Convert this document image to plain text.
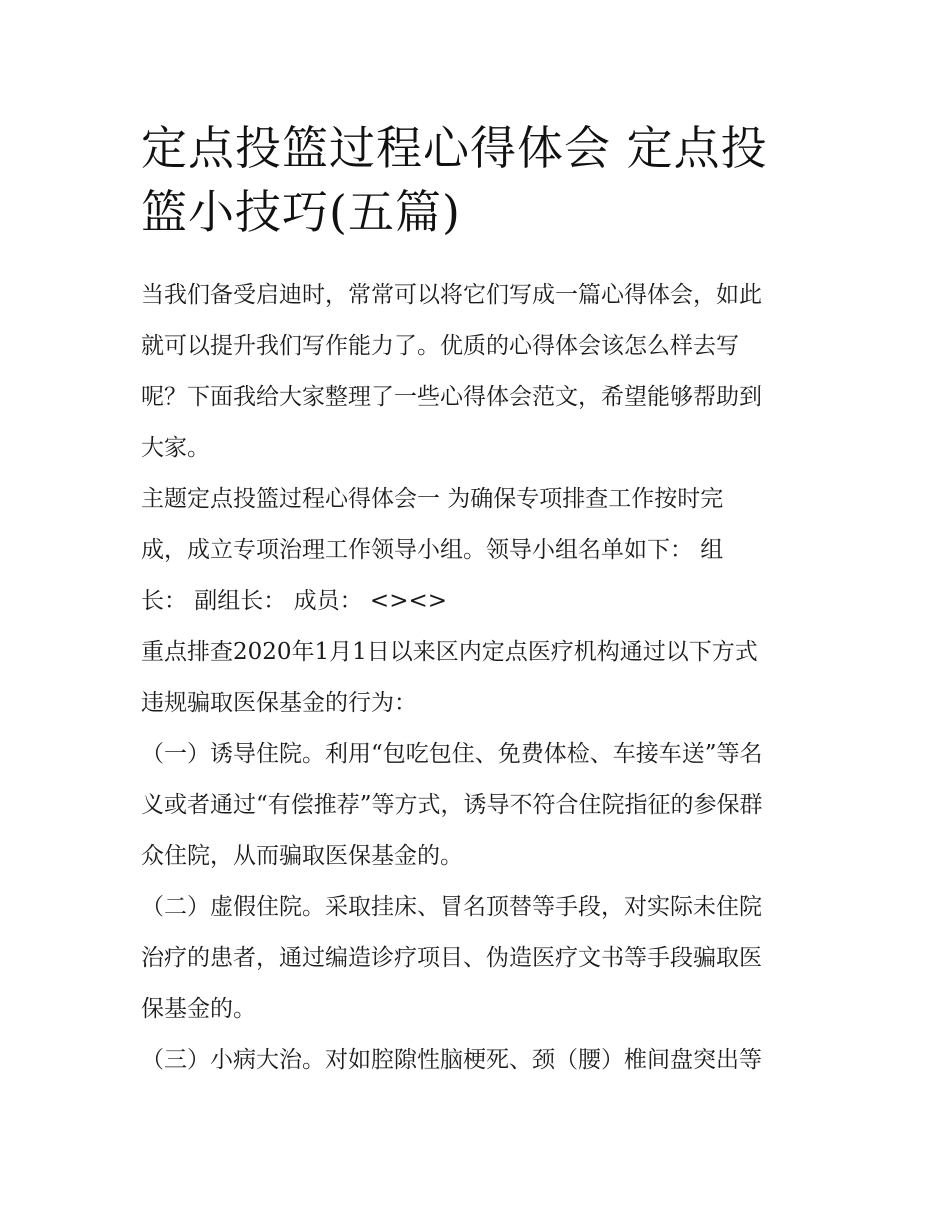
定点投篮过程心得体会 定点投
篮小技巧(五篇)
当我们备受启迪时，常常可以将它们写成一篇心得体会，如此
就可以提升我们写作能力了。优质的心得体会该怎么样去写
呢？下面我给大家整理了一些心得体会范文，希望能够帮助到
大家。
主题定点投篮过程心得体会一 为确保专项排查工作按时完
成，成立专项治理工作领导小组。领导小组名单如下： 组
长： 副组长： 成员： <><>
重点排查2020年1月1日以来区内定点医疗机构通过以下方式
违规骗取医保基金的行为：
（一）诱导住院。利用“包吃包住、免费体检、车接车送”等名
义或者通过“有偿推荐”等方式，诱导不符合住院指征的参保群
众住院，从而骗取医保基金的。
（二）虚假住院。采取挂床、冒名顶替等手段，对实际未住院
治疗的患者，通过编造诊疗项目、伪造医疗文书等手段骗取医
保基金的。
（三）小病大治。对如腔隙性脑梗死、颈（腰）椎间盘突出等
